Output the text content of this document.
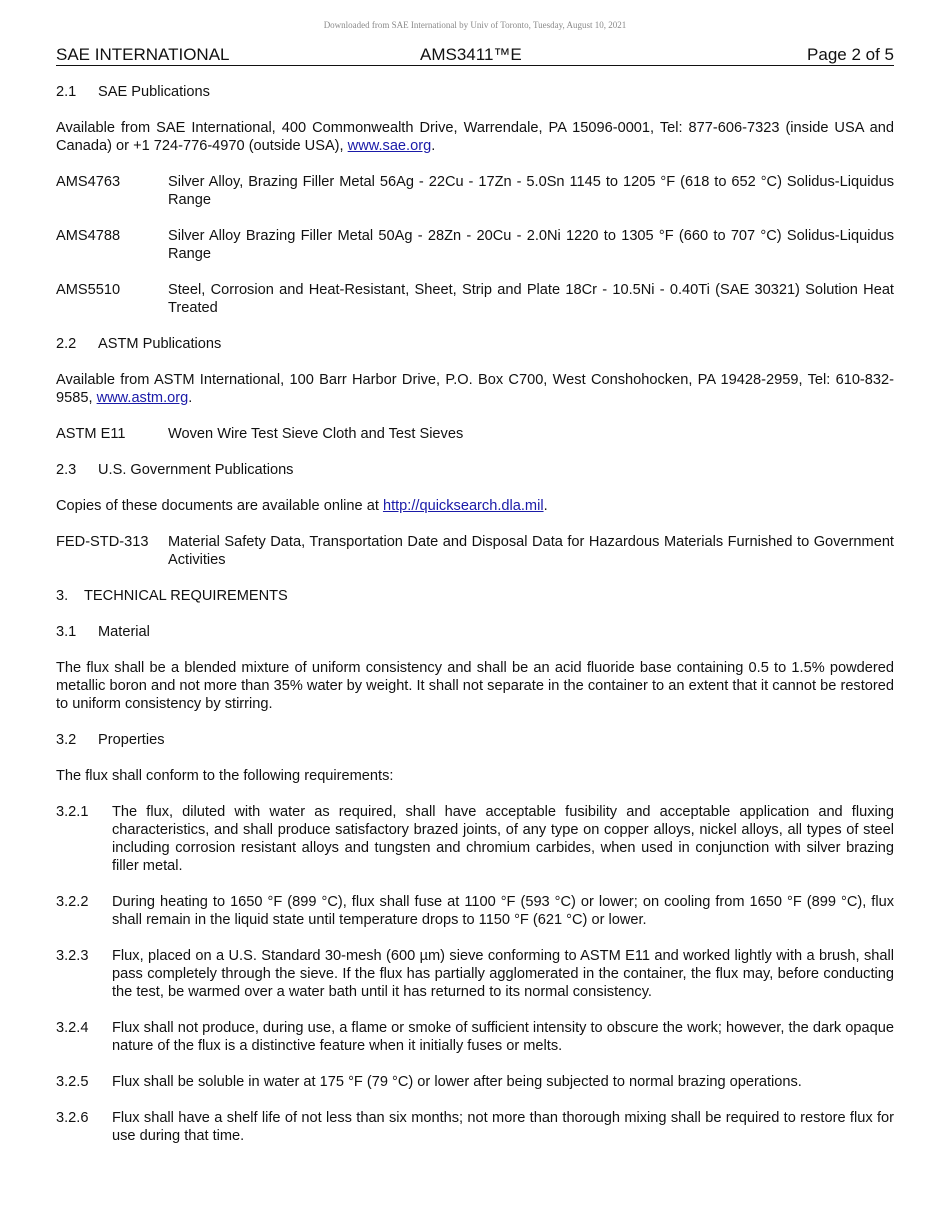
Downloaded from SAE International by Univ of Toronto, Tuesday, August 10, 2021
SAE INTERNATIONAL	AMS3411™E	Page 2 of 5
2.1	SAE Publications
Available from SAE International, 400 Commonwealth Drive, Warrendale, PA 15096-0001, Tel: 877-606-7323 (inside USA and Canada) or +1 724-776-4970 (outside USA), www.sae.org.
AMS4763	Silver Alloy, Brazing Filler Metal 56Ag - 22Cu - 17Zn - 5.0Sn 1145 to 1205 °F (618 to 652 °C) Solidus-Liquidus Range
AMS4788	Silver Alloy Brazing Filler Metal 50Ag - 28Zn - 20Cu - 2.0Ni 1220 to 1305 °F (660 to 707 °C) Solidus-Liquidus Range
AMS5510	Steel, Corrosion and Heat-Resistant, Sheet, Strip and Plate 18Cr - 10.5Ni - 0.40Ti (SAE 30321) Solution Heat Treated
2.2	ASTM Publications
Available from ASTM International, 100 Barr Harbor Drive, P.O. Box C700, West Conshohocken, PA 19428-2959, Tel: 610-832-9585, www.astm.org.
ASTM E11	Woven Wire Test Sieve Cloth and Test Sieves
2.3	U.S. Government Publications
Copies of these documents are available online at http://quicksearch.dla.mil.
FED-STD-313	Material Safety Data, Transportation Date and Disposal Data for Hazardous Materials Furnished to Government Activities
3.	TECHNICAL REQUIREMENTS
3.1	Material
The flux shall be a blended mixture of uniform consistency and shall be an acid fluoride base containing 0.5 to 1.5% powdered metallic boron and not more than 35% water by weight. It shall not separate in the container to an extent that it cannot be restored to uniform consistency by stirring.
3.2	Properties
The flux shall conform to the following requirements:
3.2.1	The flux, diluted with water as required, shall have acceptable fusibility and acceptable application and fluxing characteristics, and shall produce satisfactory brazed joints, of any type on copper alloys, nickel alloys, all types of steel including corrosion resistant alloys and tungsten and chromium carbides, when used in conjunction with silver brazing filler metal.
3.2.2	During heating to 1650 °F (899 °C), flux shall fuse at 1100 °F (593 °C) or lower; on cooling from 1650 °F (899 °C), flux shall remain in the liquid state until temperature drops to 1150 °F (621 °C) or lower.
3.2.3	Flux, placed on a U.S. Standard 30-mesh (600 µm) sieve conforming to ASTM E11 and worked lightly with a brush, shall pass completely through the sieve. If the flux has partially agglomerated in the container, the flux may, before conducting the test, be warmed over a water bath until it has returned to its normal consistency.
3.2.4	Flux shall not produce, during use, a flame or smoke of sufficient intensity to obscure the work; however, the dark opaque nature of the flux is a distinctive feature when it initially fuses or melts.
3.2.5	Flux shall be soluble in water at 175 °F (79 °C) or lower after being subjected to normal brazing operations.
3.2.6	Flux shall have a shelf life of not less than six months; not more than thorough mixing shall be required to restore flux for use during that time.
